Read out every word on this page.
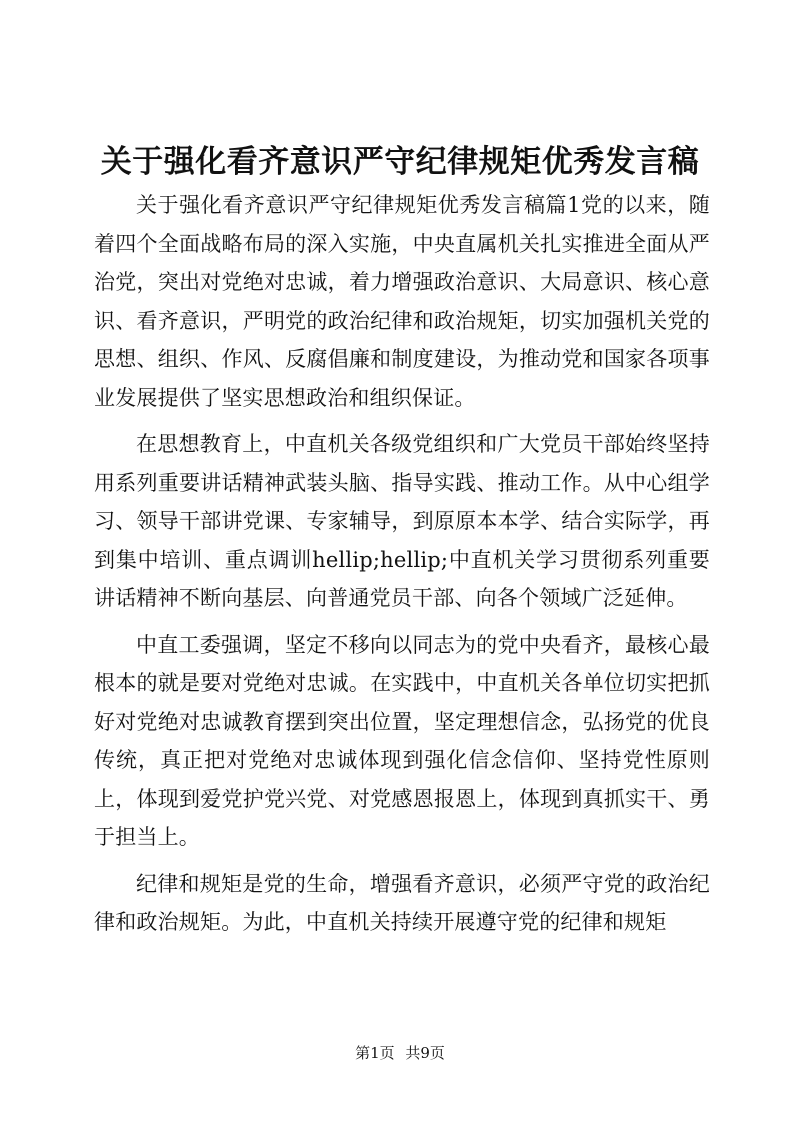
关于强化看齐意识严守纪律规矩优秀发言稿

关于强化看齐意识严守纪律规矩优秀发言稿篇1党的以来，随着四个全面战略布局的深入实施，中央直属机关扎实推进全面从严治党，突出对党绝对忠诚，着力增强政治意识、大局意识、核心意识、看齐意识，严明党的政治纪律和政治规矩，切实加强机关党的思想、组织、作风、反腐倡廉和制度建设，为推动党和国家各项事业发展提供了坚实思想政治和组织保证。

在思想教育上，中直机关各级党组织和广大党员干部始终坚持用系列重要讲话精神武装头脑、指导实践、推动工作。从中心组学习、领导干部讲党课、专家辅导，到原原本本学、结合实际学，再到集中培训、重点调训hellip;hellip;中直机关学习贯彻系列重要讲话精神不断向基层、向普通党员干部、向各个领域广泛延伸。

中直工委强调，坚定不移向以同志为的党中央看齐，最核心最根本的就是要对党绝对忠诚。在实践中，中直机关各单位切实把抓好对党绝对忠诚教育摆到突出位置，坚定理想信念，弘扬党的优良传统，真正把对党绝对忠诚体现到强化信念信仰、坚持党性原则上，体现到爱党护党兴党、对党感恩报恩上，体现到真抓实干、勇于担当上。

纪律和规矩是党的生命，增强看齐意识，必须严守党的政治纪律和政治规矩。为此，中直机关持续开展遵守党的纪律和规矩

第1页 共9页
